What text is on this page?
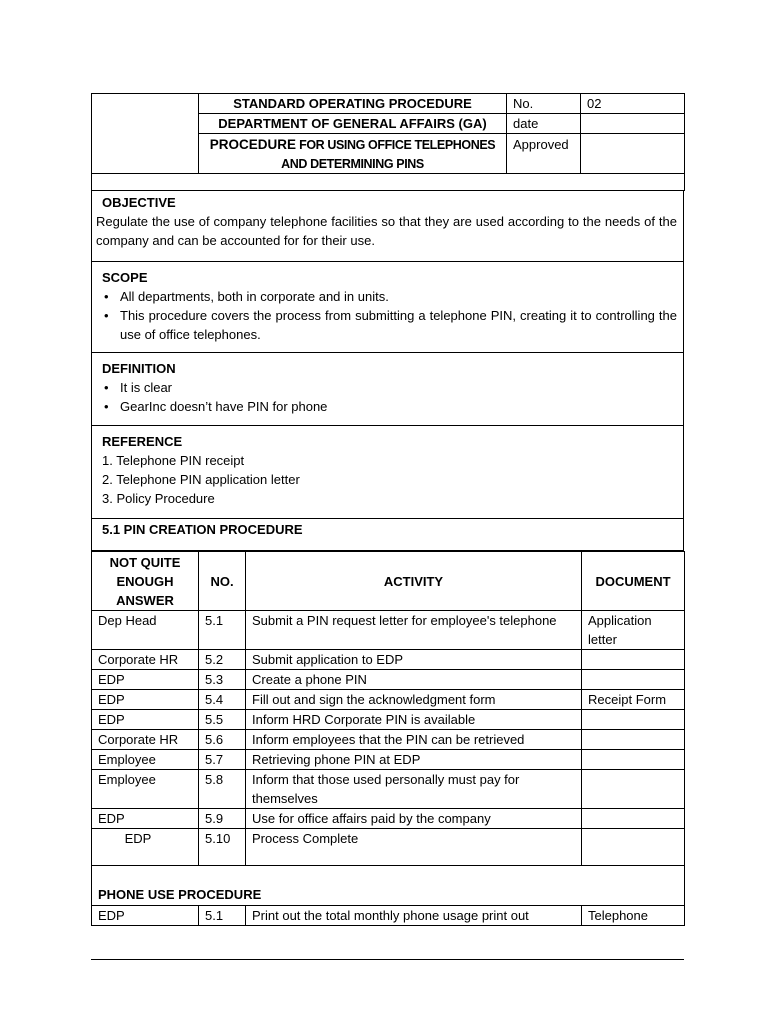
	STANDARD OPERATING PROCEDURE	No.	02
	DEPARTMENT OF GENERAL AFFAIRS (GA)	date	
	PROCEDURE FOR USING OFFICE TELEPHONES AND DETERMINING PINS	Approved	

OBJECTIVE
Regulate the use of company telephone facilities so that they are used according to the needs of the company and can be accounted for for their use.

SCOPE
• All departments, both in corporate and in units.
• This procedure covers the process from submitting a telephone PIN, creating it to controlling the use of office telephones.

DEFINITION
• It is clear
• GearInc doesn’t have PIN for phone

REFERENCE
1. Telephone PIN receipt
2. Telephone PIN application letter
3. Policy Procedure

5.1 PIN CREATION PROCEDURE
NOT QUITE ENOUGH ANSWER	NO.	ACTIVITY	DOCUMENT
Dep Head	5.1	Submit a PIN request letter for employee's telephone	Application letter
Corporate HR	5.2	Submit application to EDP	
EDP	5.3	Create a phone PIN	
EDP	5.4	Fill out and sign the acknowledgment form	Receipt Form
EDP	5.5	Inform HRD Corporate PIN is available	
Corporate HR	5.6	Inform employees that the PIN can be retrieved	
Employee	5.7	Retrieving phone PIN at EDP	
Employee	5.8	Inform that those used personally must pay for themselves	
EDP	5.9	Use for office affairs paid by the company	
EDP	5.10	Process Complete	
PHONE USE PROCEDURE			
EDP	5.1	Print out the total monthly phone usage print out	Telephone
